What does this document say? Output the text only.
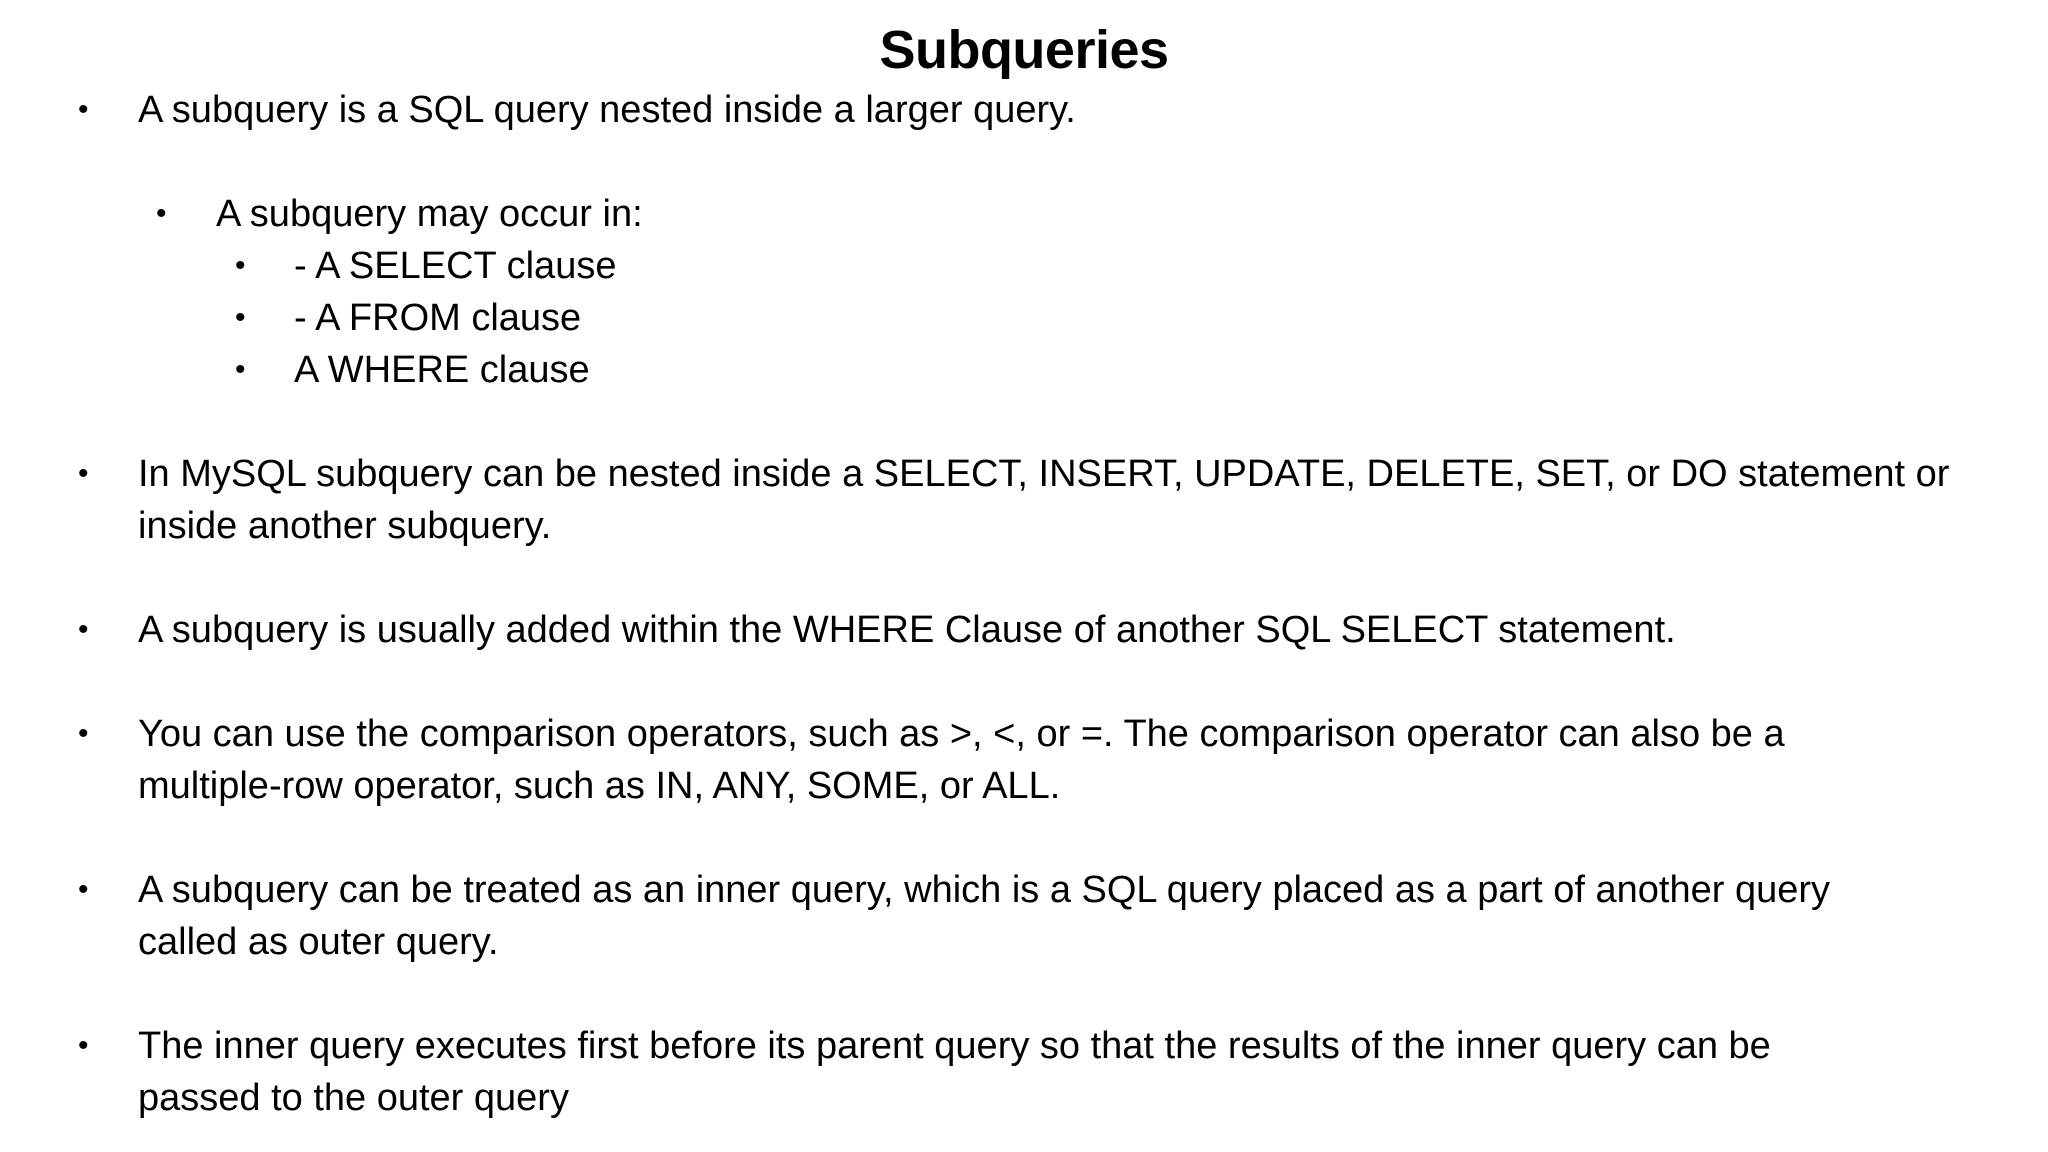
Subqueries
• A subquery is a SQL query nested inside a larger query.
• A subquery may occur in:
• - A SELECT clause
• - A FROM clause
• A WHERE clause
• In MySQL subquery can be nested inside a SELECT, INSERT, UPDATE, DELETE, SET, or DO statement or
inside another subquery.
• A subquery is usually added within the WHERE Clause of another SQL SELECT statement.
• You can use the comparison operators, such as >, <, or =. The comparison operator can also be a
multiple-row operator, such as IN, ANY, SOME, or ALL.
• A subquery can be treated as an inner query, which is a SQL query placed as a part of another query
called as outer query.
• The inner query executes first before its parent query so that the results of the inner query can be
passed to the outer query
